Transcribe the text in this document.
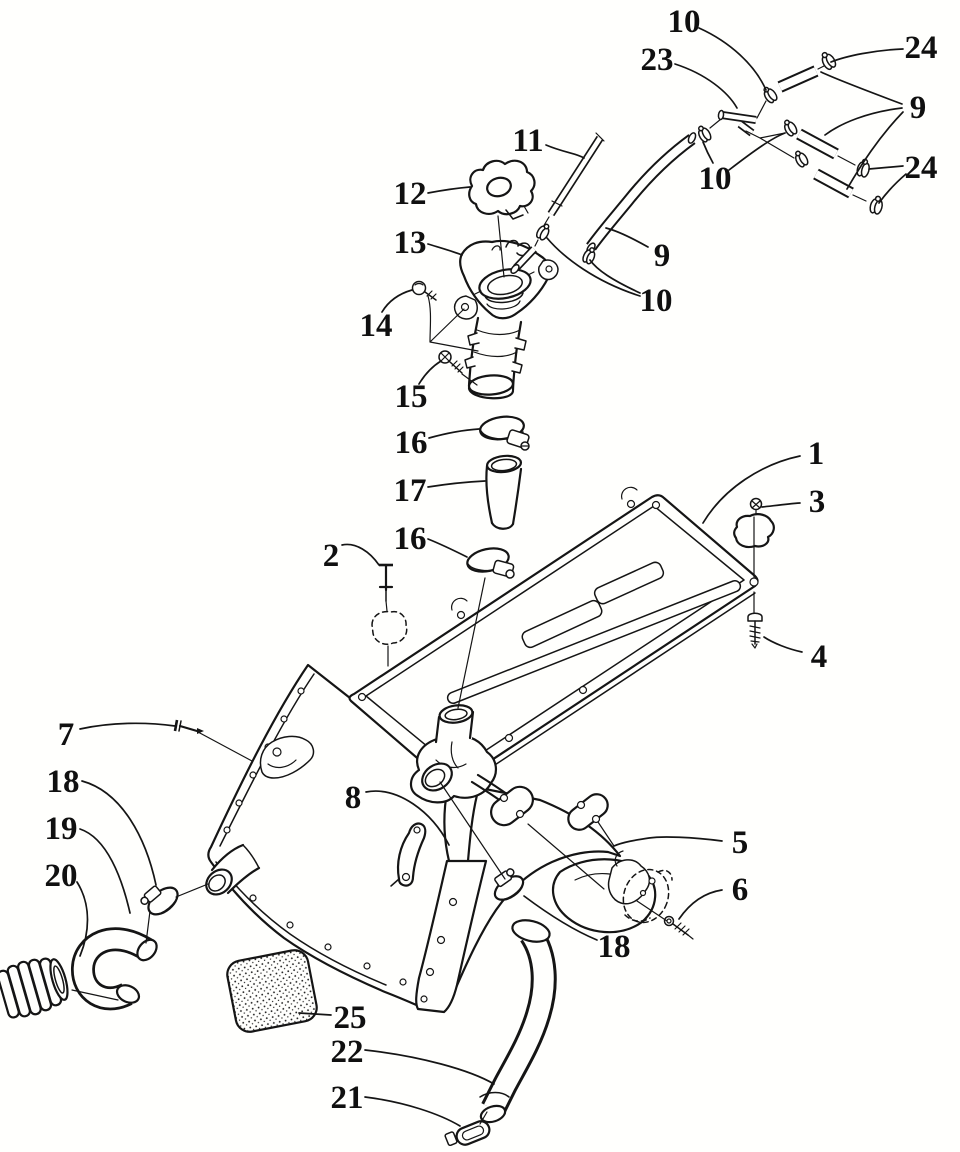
10
23	24
9
24
10
11
12
13	9
10
14
15
16
17
16
2
1
3
4
7
18
19
20
8
5
6
18
25
22
21
